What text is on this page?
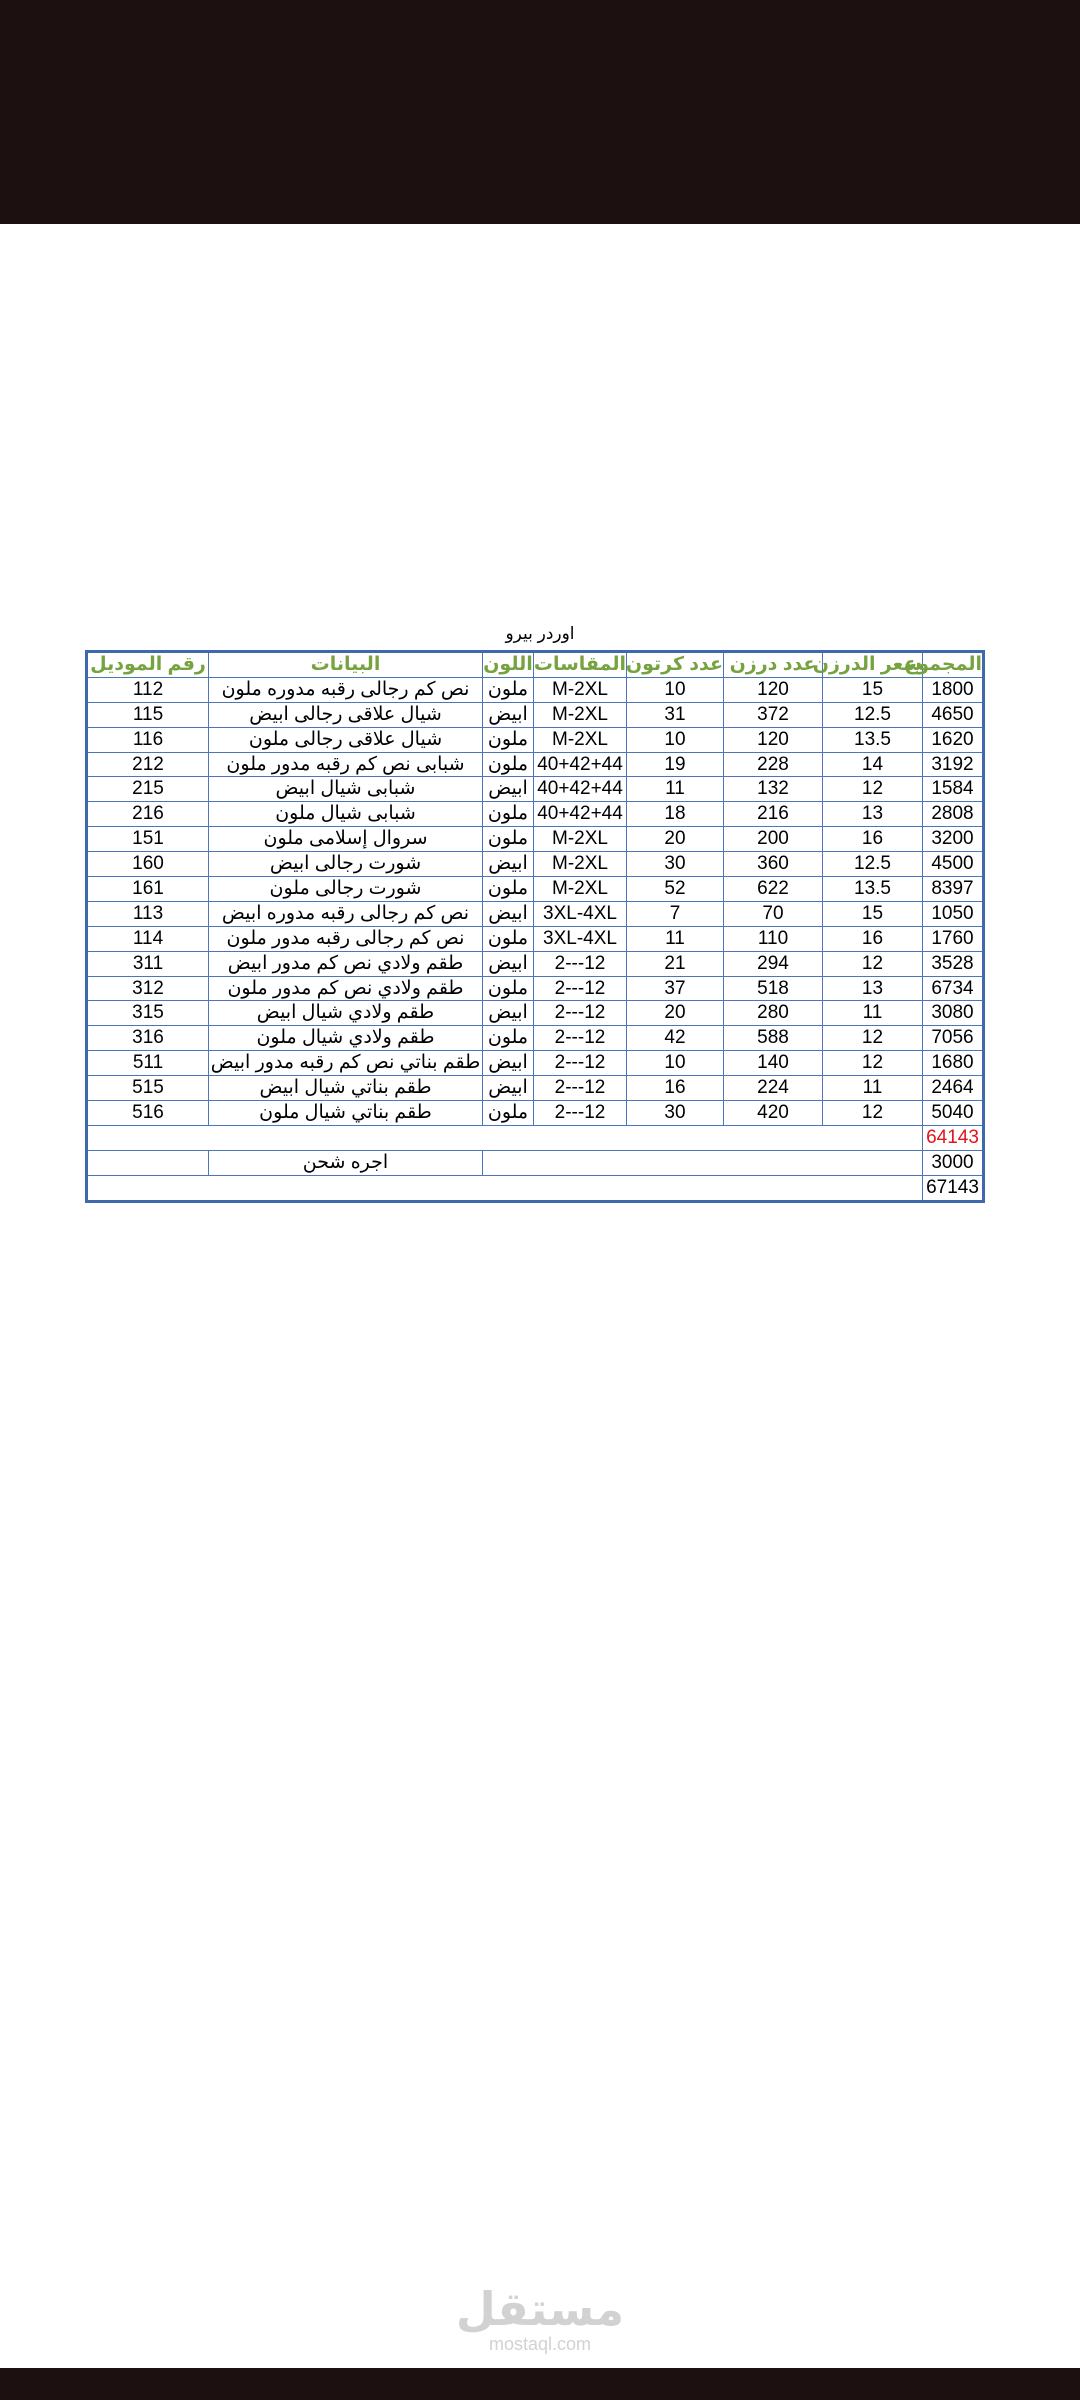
اوردر بيرو
المجموع	سعر الدرزن	عدد درزن	عدد كرتون	المقاسات	اللون	البيانات	رقم الموديل
1800	15	120	10	M-2XL	ملون	نص كم رجالى رقبه مدوره ملون	112
4650	12.5	372	31	M-2XL	ابيض	شيال علاقى رجالى ابيض	115
1620	13.5	120	10	M-2XL	ملون	شيال علاقى رجالى ملون	116
3192	14	228	19	40+42+44	ملون	شبابى نص كم رقبه مدور ملون	212
1584	12	132	11	40+42+44	ابيض	شبابى شيال ابيض	215
2808	13	216	18	40+42+44	ملون	شبابى شيال ملون	216
3200	16	200	20	M-2XL	ملون	سروال إسلامى ملون	151
4500	12.5	360	30	M-2XL	ابيض	شورت رجالى ابيض	160
8397	13.5	622	52	M-2XL	ملون	شورت رجالى ملون	161
1050	15	70	7	3XL-4XL	ابيض	نص كم رجالى رقبه مدوره ابيض	113
1760	16	110	11	3XL-4XL	ملون	نص كم رجالى رقبه مدور ملون	114
3528	12	294	21	2---12	ابيض	طقم ولادي نص كم مدور ابيض	311
6734	13	518	37	2---12	ملون	طقم ولادي نص كم مدور ملون	312
3080	11	280	20	2---12	ابيض	طقم ولادي شيال ابيض	315
7056	12	588	42	2---12	ملون	طقم ولادي شيال ملون	316
1680	12	140	10	2---12	ابيض	طقم بناتي نص كم رقبه مدور ابيض	511
2464	11	224	16	2---12	ابيض	طقم بناتي شيال ابيض	515
5040	12	420	30	2---12	ملون	طقم بناتي شيال ملون	516
64143							
3000						اجره شحن	
67143							
مستقل
mostaql.com
